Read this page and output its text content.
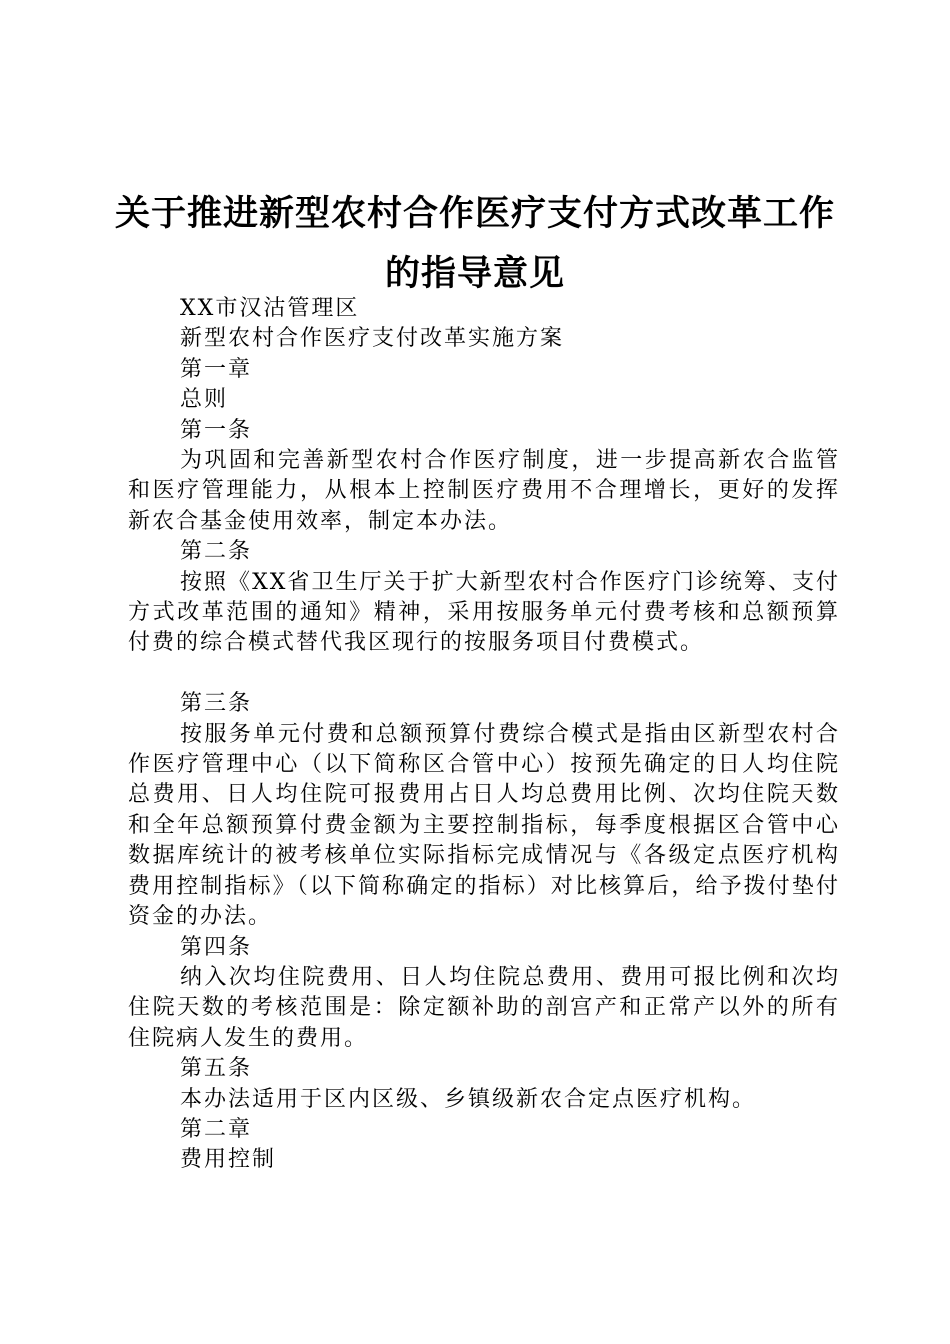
关于推进新型农村合作医疗支付方式改革工作
的指导意见

XX市汉沽管理区

新型农村合作医疗支付改革实施方案

第一章

总则

第一条

为巩固和完善新型农村合作医疗制度，进一步提高新农合监管和医疗管理能力，从根本上控制医疗费用不合理增长，更好的发挥新农合基金使用效率，制定本办法。

第二条

按照《XX省卫生厅关于扩大新型农村合作医疗门诊统筹、支付方式改革范围的通知》精神，采用按服务单元付费考核和总额预算付费的综合模式替代我区现行的按服务项目付费模式。

第三条

按服务单元付费和总额预算付费综合模式是指由区新型农村合作医疗管理中心（以下简称区合管中心）按预先确定的日人均住院总费用、日人均住院可报费用占日人均总费用比例、次均住院天数和全年总额预算付费金额为主要控制指标，每季度根据区合管中心数据库统计的被考核单位实际指标完成情况与《各级定点医疗机构费用控制指标》（以下简称确定的指标）对比核算后，给予拨付垫付资金的办法。

第四条

纳入次均住院费用、日人均住院总费用、费用可报比例和次均住院天数的考核范围是：除定额补助的剖宫产和正常产以外的所有住院病人发生的费用。

第五条

本办法适用于区内区级、乡镇级新农合定点医疗机构。

第二章

费用控制
